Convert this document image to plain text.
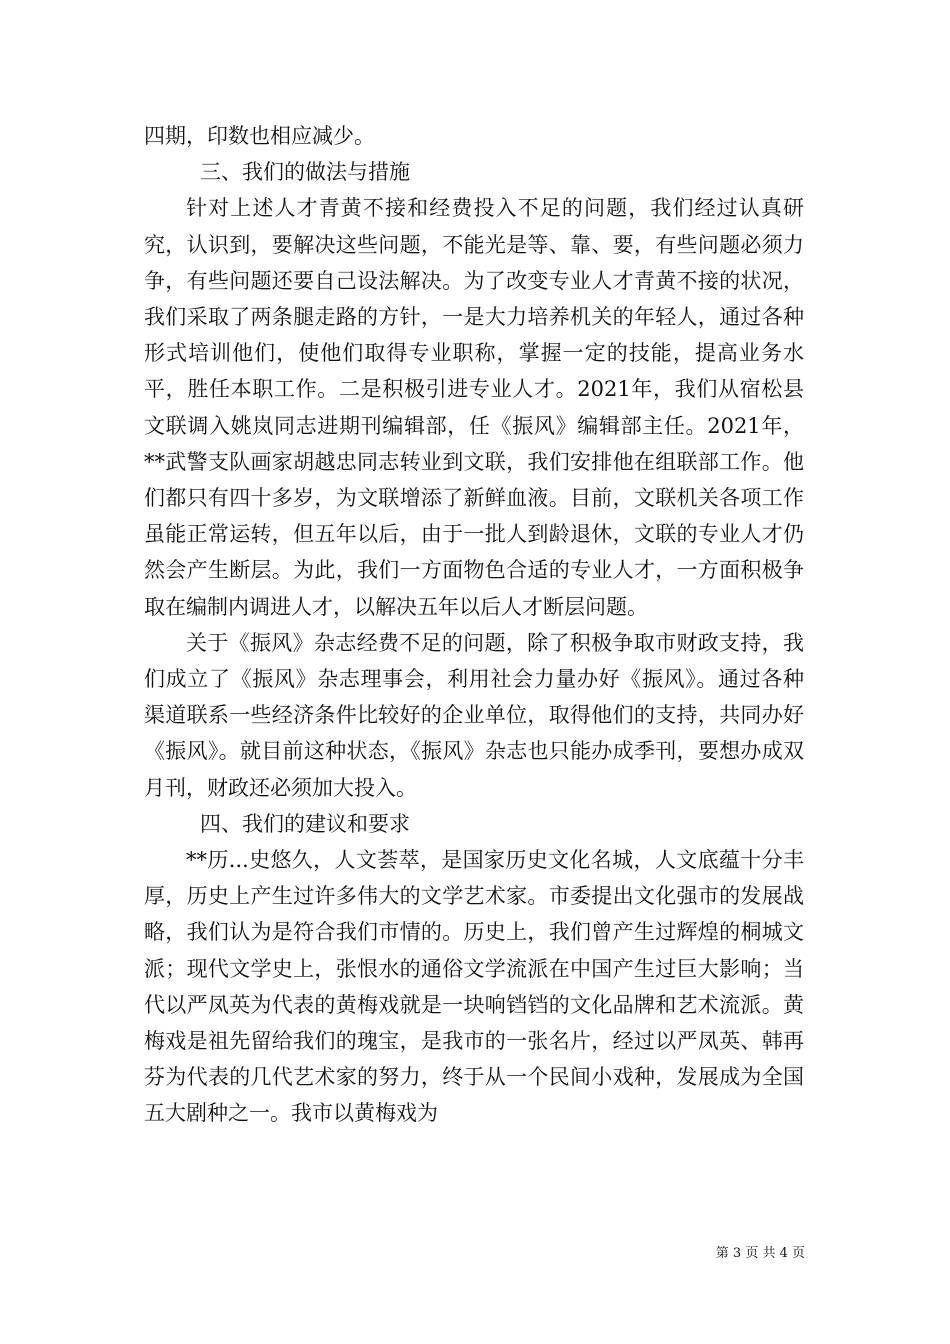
四期，印数也相应减少。

三、我们的做法与措施

针对上述人才青黄不接和经费投入不足的问题，我们经过认真研究，认识到，要解决这些问题，不能光是等、靠、要，有些问题必须力争，有些问题还要自己设法解决。为了改变专业人才青黄不接的状况，我们采取了两条腿走路的方针，一是大力培养机关的年轻人，通过各种形式培训他们，使他们取得专业职称，掌握一定的技能，提高业务水平，胜任本职工作。二是积极引进专业人才。2021年，我们从宿松县文联调入姚岚同志进期刊编辑部，任《振风》编辑部主任。2021年，**武警支队画家胡越忠同志转业到文联，我们安排他在组联部工作。他们都只有四十多岁，为文联增添了新鲜血液。目前，文联机关各项工作虽能正常运转，但五年以后，由于一批人到龄退休，文联的专业人才仍然会产生断层。为此，我们一方面物色合适的专业人才，一方面积极争取在编制内调进人才，以解决五年以后人才断层问题。

关于《振风》杂志经费不足的问题，除了积极争取市财政支持，我们成立了《振风》杂志理事会，利用社会力量办好《振风》。通过各种渠道联系一些经济条件比较好的企业单位，取得他们的支持，共同办好《振风》。就目前这种状态，《振风》杂志也只能办成季刊，要想办成双月刊，财政还必须加大投入。

四、我们的建议和要求

**历...史悠久，人文荟萃，是国家历史文化名城，人文底蕴十分丰厚，历史上产生过许多伟大的文学艺术家。市委提出文化强市的发展战略，我们认为是符合我们市情的。历史上，我们曾产生过辉煌的桐城文派；现代文学史上，张恨水的通俗文学流派在中国产生过巨大影响；当代以严凤英为代表的黄梅戏就是一块响铛铛的文化品牌和艺术流派。黄梅戏是祖先留给我们的瑰宝，是我市的一张名片，经过以严凤英、韩再芬为代表的几代艺术家的努力，终于从一个民间小戏种，发展成为全国五大剧种之一。我市以黄梅戏为

第 3 页 共 4 页
